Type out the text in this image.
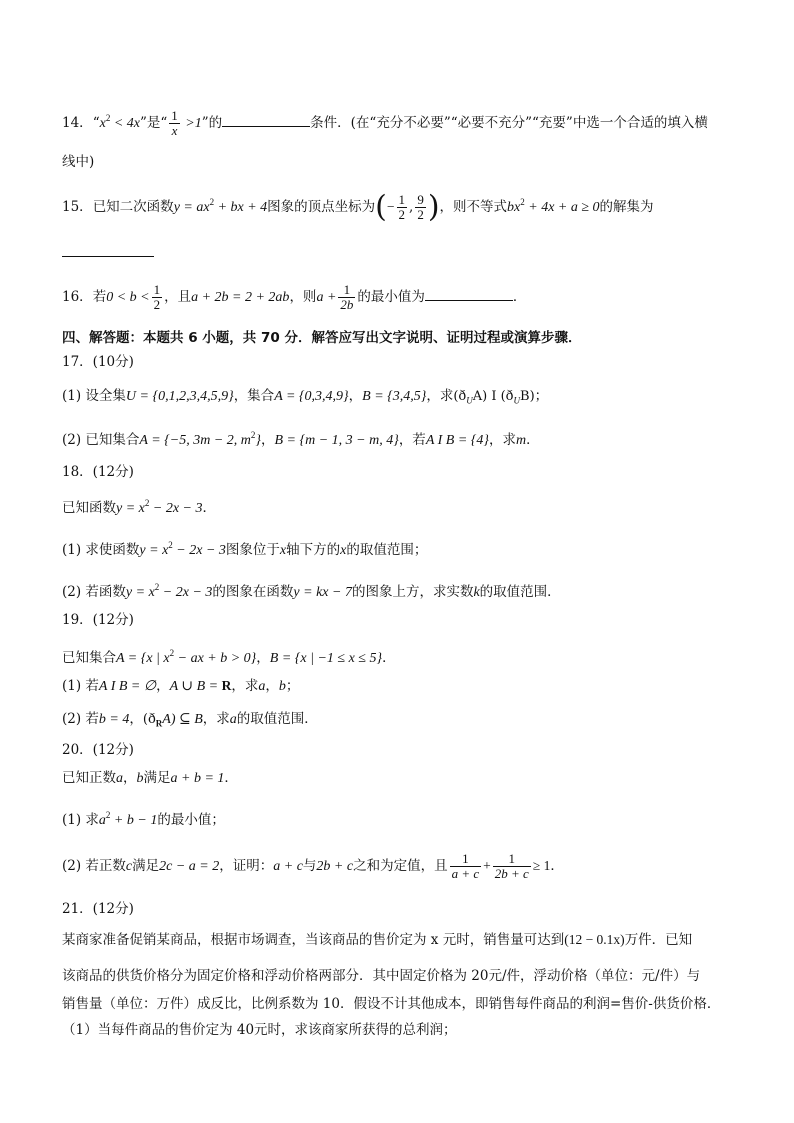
14．“$x^2 < 4x$”是“ $\frac{1}{x} >1$”的	条件．(在“充分不必要”“必要不充分”“充要”中选一个合适的填入横
线中)
15．已知二次函数$y = ax^2$ + bx + 4图象的顶点坐标为(− $\frac{1}{2}$ , $\frac{9}{2}$ )，则不等式$bx^2 + 4x + a \ge 0$的解集为
16．若$0 < b < \frac{1}{2}$ ，且a + 2b = 2 + 2ab，则$a + \frac{1}{2b}$ 的最小值为	．
四、解答题：本题共 6 小题，共 70 分．解答应写出文字说明、证明过程或演算步骤．
17．(10分)
(1) 设全集U = {0,1,2,3,4,5,9}，集合A = {0,3,4,9}，B = {3,4,5}，求$(ð_UA)$ I $(ð_UB)$；
(2) 已知集合A = {−5, 3m − 2, $m^2$}，B = {m − 1, 3 − m, 4}，若A I B = {4}，求m．
18．(12分)
已知函数$y = x^2 - 2x - 3$．
(1) 求使函数$y = x^2 - 2x - 3$图象位于x轴下方的x的取值范围；
(2) 若函数$y = x^2 - 2x - 3$的图象在函数y = kx − 7的图象上方，求实数k的取值范围．
19．(12分)
已知集合A = {x | $x^2$ − ax + b > 0}，B = {x | −1 ≤ x ≤ 5}．
(1) 若A I B = ∅，A ∪ B = R，求a，b；
(2) 若b = 4，$(ð_RA)$ ⊆ B，求a的取值范围．
20．(12分)
已知正数a，b满足a + b = 1．
(1) 求$a^2 + b - 1$的最小值；
(2) 若正数c满足2c − a = 2，证明：a + c与2b + c之和为定值，且 $\frac{1}{a + c} + \frac{1}{2b + c} \ge 1$．
21．(12分)
某商家准备促销某商品，根据市场调查，当该商品的售价定为 x 元时，销售量可达到(12 − 0.1x)万件．已知
该商品的供货价格分为固定价格和浮动价格两部分．其中固定价格为 20元/件，浮动价格（单位：元/件）与
销售量（单位：万件）成反比，比例系数为 10．假设不计其他成本，即销售每件商品的利润=售价-供货价格．
（1）当每件商品的售价定为 40元时，求该商家所获得的总利润；
